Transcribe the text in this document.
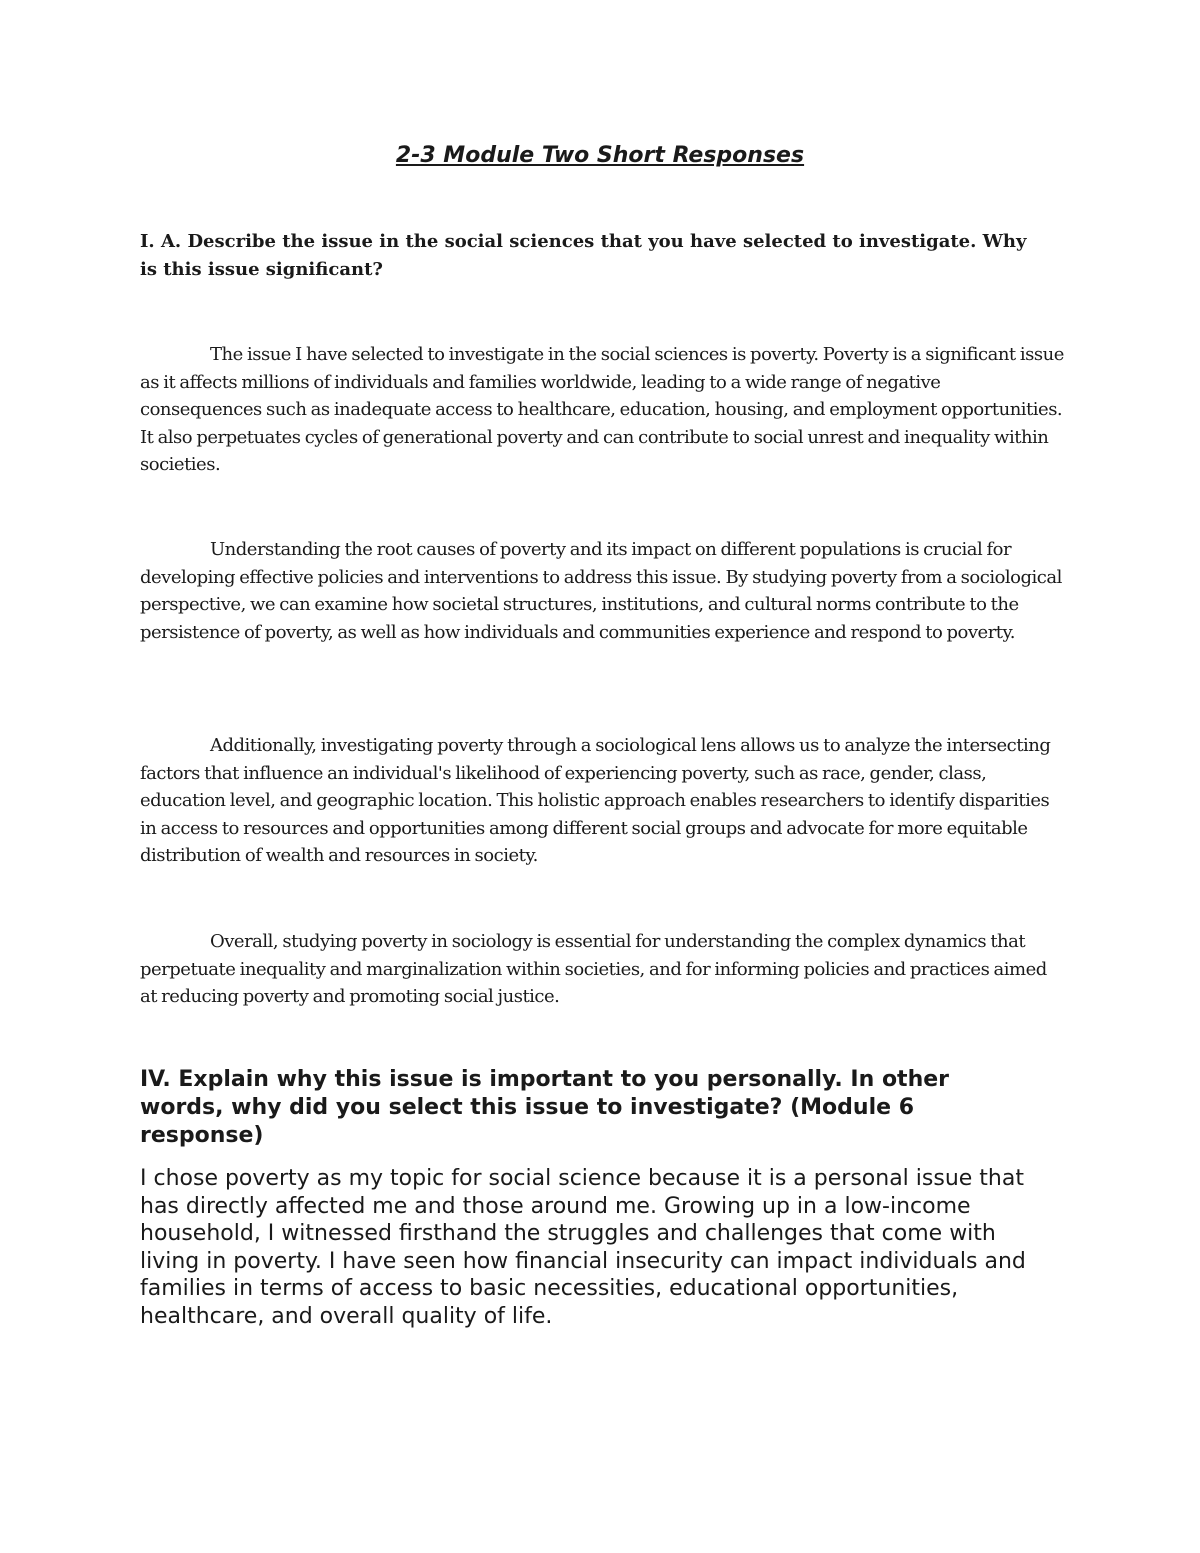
2-3 Module Two Short Responses

I. A. Describe the issue in the social sciences that you have selected to investigate. Why is this issue significant?

The issue I have selected to investigate in the social sciences is poverty. Poverty is a significant issue as it affects millions of individuals and families worldwide, leading to a wide range of negative consequences such as inadequate access to healthcare, education, housing, and employment opportunities. It also perpetuates cycles of generational poverty and can contribute to social unrest and inequality within societies.

Understanding the root causes of poverty and its impact on different populations is crucial for developing effective policies and interventions to address this issue. By studying poverty from a sociological perspective, we can examine how societal structures, institutions, and cultural norms contribute to the persistence of poverty, as well as how individuals and communities experience and respond to poverty.

Additionally, investigating poverty through a sociological lens allows us to analyze the intersecting factors that influence an individual's likelihood of experiencing poverty, such as race, gender, class, education level, and geographic location. This holistic approach enables researchers to identify disparities in access to resources and opportunities among different social groups and advocate for more equitable distribution of wealth and resources in society.

Overall, studying poverty in sociology is essential for understanding the complex dynamics that perpetuate inequality and marginalization within societies, and for informing policies and practices aimed at reducing poverty and promoting social justice.

IV. Explain why this issue is important to you personally. In other words, why did you select this issue to investigate? (Module 6 response)

I chose poverty as my topic for social science because it is a personal issue that has directly affected me and those around me. Growing up in a low-income household, I witnessed firsthand the struggles and challenges that come with living in poverty. I have seen how financial insecurity can impact individuals and families in terms of access to basic necessities, educational opportunities, healthcare, and overall quality of life.
